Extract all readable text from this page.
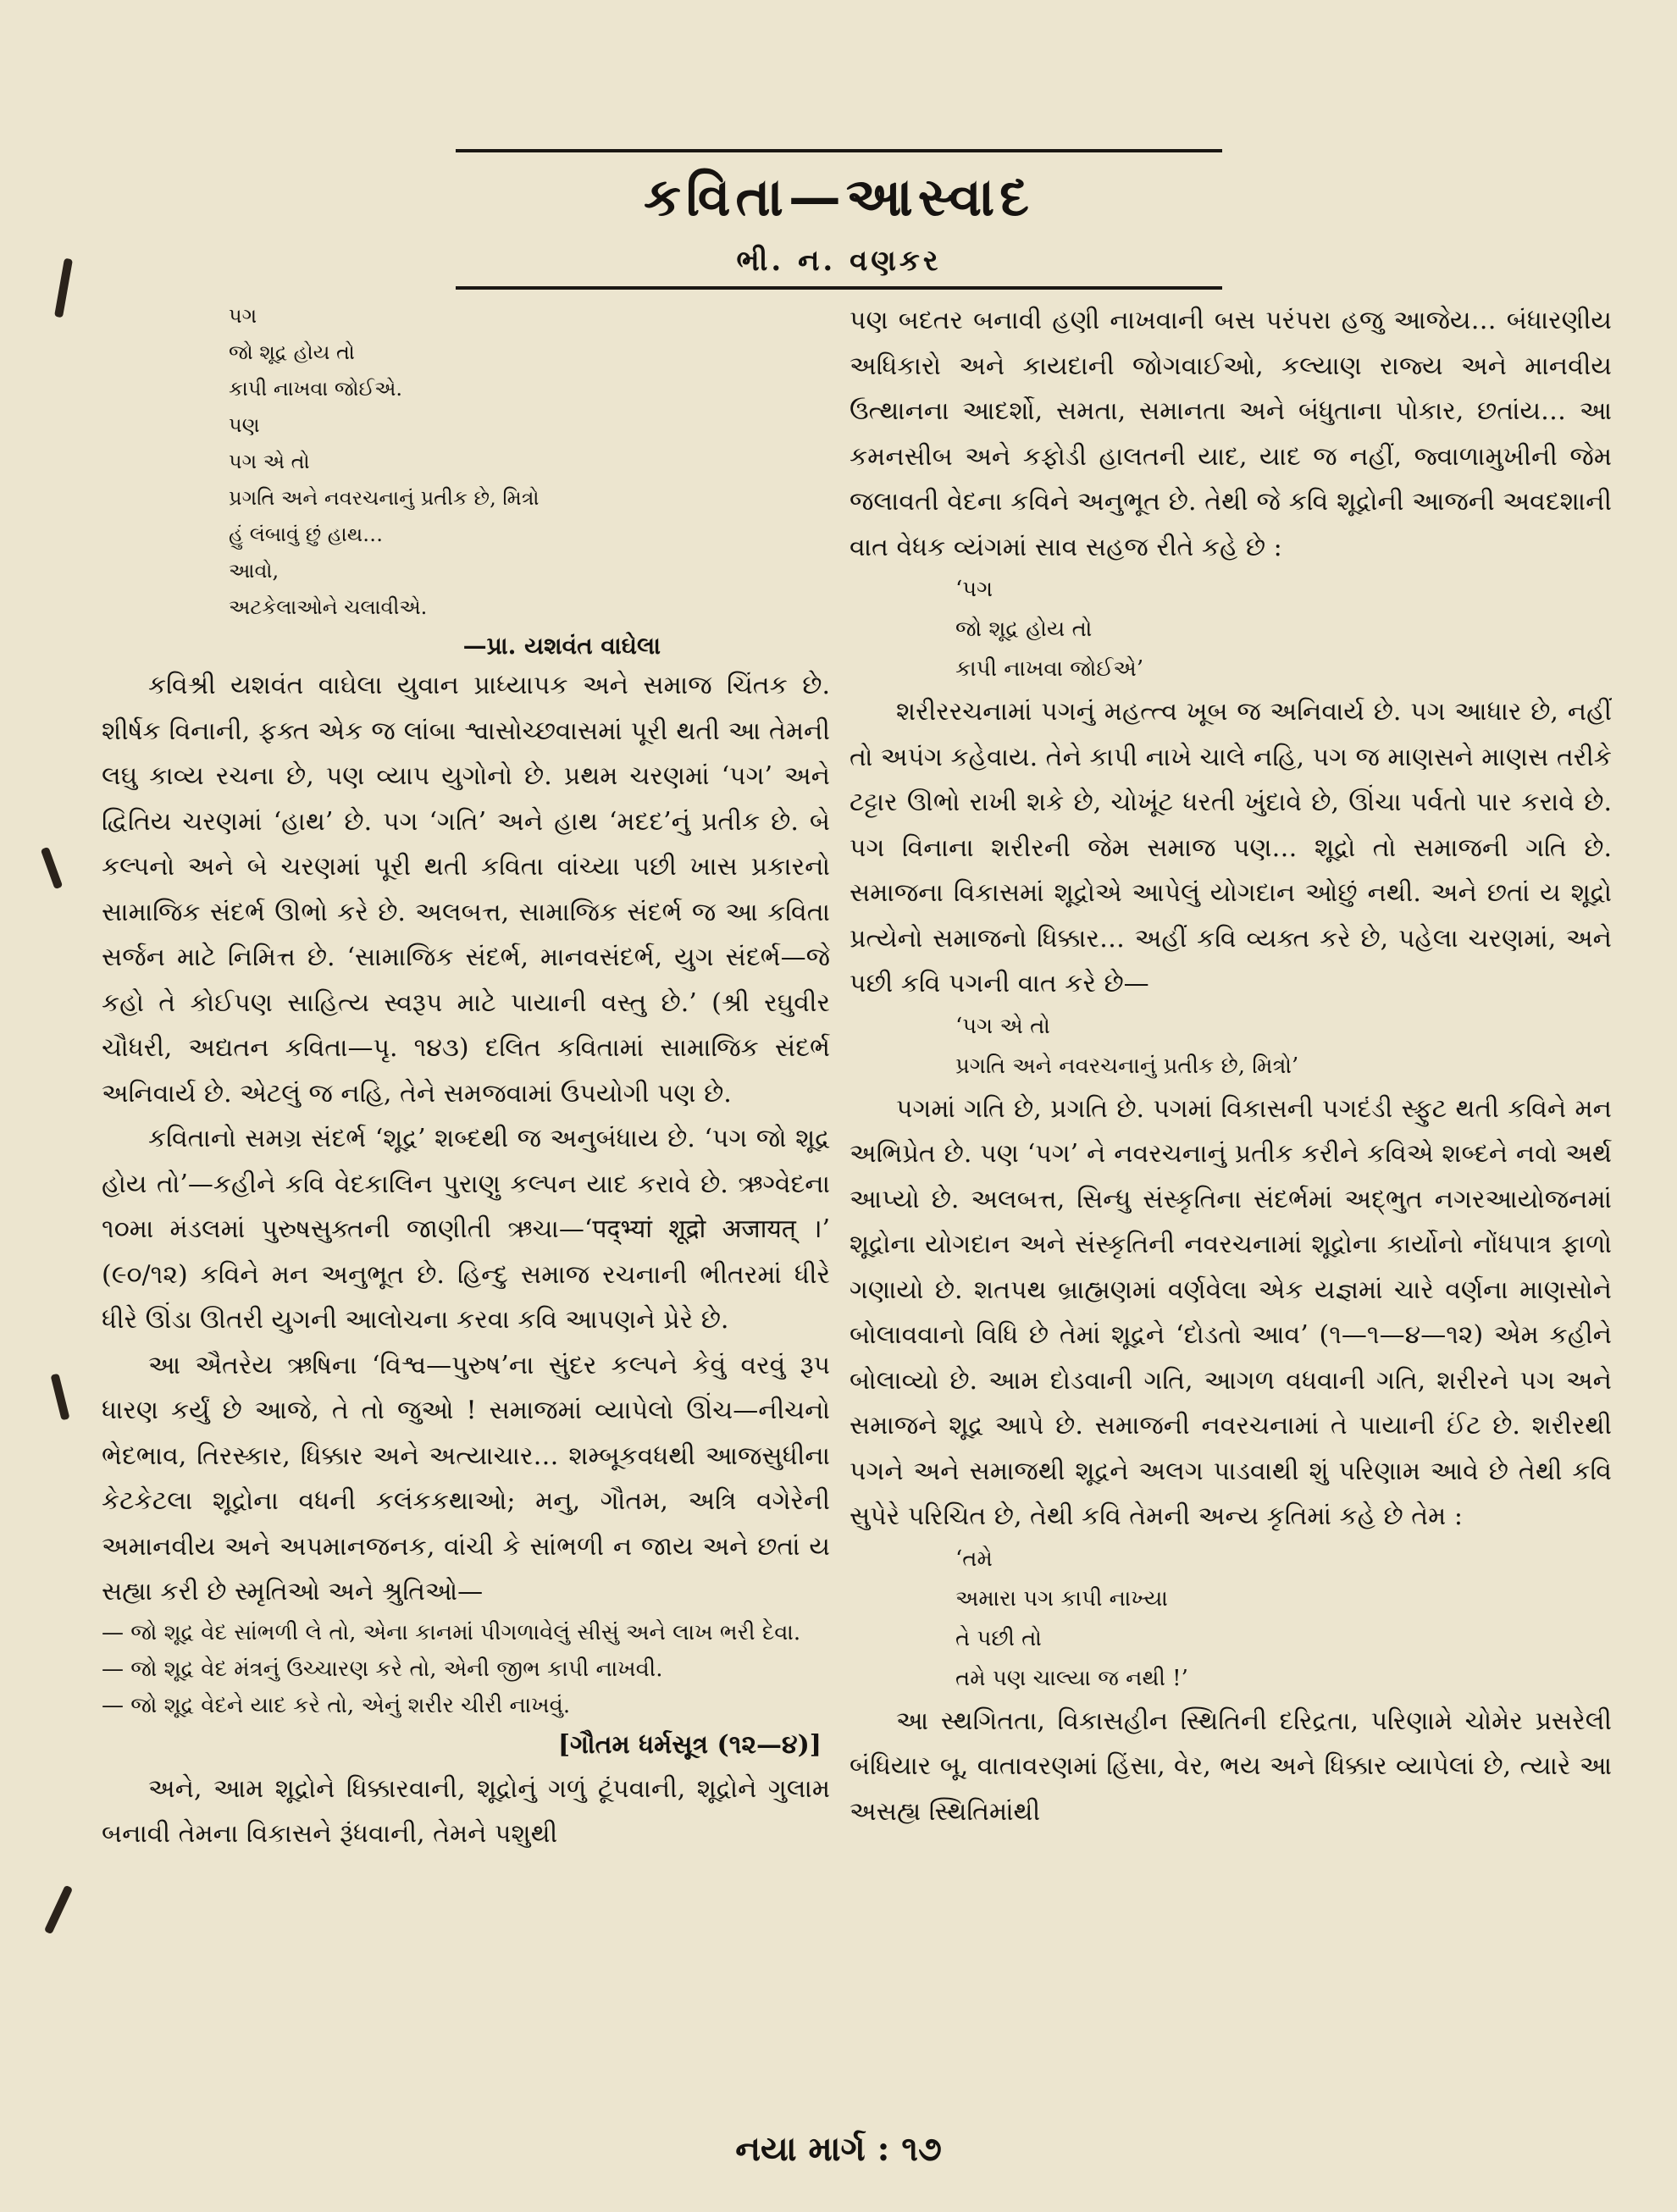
કવિતા—આસ્વાદ
ભી. ન. વણકર
પગ
જો શૂદ્ર હોય તો
કાપી નાખવા જોઈએ.
પણ
પગ એ તો
પ્રગતિ અને નવરચનાનું પ્રતીક છે, મિત્રો
હું લંબાવું છું હાથ…
આવો,
અટકેલાઓને ચલાવીએ.
—પ્રા. યશવંત વાઘેલા

કવિશ્રી યશવંત વાઘેલા યુવાન પ્રાધ્યાપક અને સમાજ ચિંતક છે. શીર્ષક વિનાની, ફક્ત એક જ લાંબા શ્વાસોચ્છવાસમાં પૂરી થતી આ તેમની લઘુ કાવ્ય રચના છે, પણ વ્યાપ યુગોનો છે. પ્રથમ ચરણમાં ‘પગ’ અને દ્વિતિય ચરણમાં ‘હાથ’ છે. પગ ‘ગતિ’ અને હાથ ‘મદદ’નું પ્રતીક છે. બે કલ્પનો અને બે ચરણમાં પૂરી થતી કવિતા વાંચ્યા પછી ખાસ પ્રકારનો સામાજિક સંદર્ભ ઊભો કરે છે. અલબત્ત, સામાજિક સંદર્ભ જ આ કવિતા સર્જન માટે નિમિત્ત છે. ‘સામાજિક સંદર્ભ, માનવસંદર્ભ, યુગ સંદર્ભ—જે કહો તે કોઈપણ સાહિત્ય સ્વરૂપ માટે પાયાની વસ્તુ છે.’ (શ્રી રઘુવીર ચૌધરી, અદ્યતન કવિતા—પૃ. ૧૪૩) દલિત કવિતામાં સામાજિક સંદર્ભ અનિવાર્ય છે. એટલું જ નહિ, તેને સમજવામાં ઉપયોગી પણ છે.

કવિતાનો સમગ્ર સંદર્ભ ‘શૂદ્ર’ શબ્દથી જ અનુબંધાય છે. ‘પગ જો શૂદ્ર હોય તો’—કહીને કવિ વેદકાલિન પુરાણુ કલ્પન યાદ કરાવે છે. ઋગ્વેદના ૧૦મા મંડલમાં પુરુષસુક્તની જાણીતી ઋચા—‘पद्भ्यां शूद्रो अजायत् ।’ (૯૦/૧૨) કવિને મન અનુભૂત છે. હિન્દુ સમાજ રચનાની ભીતરમાં ધીરે ધીરે ઊંડા ઊતરી યુગની આલોચના કરવા કવિ આપણને પ્રેરે છે.

આ ઐતરેય ઋષિના ‘વિશ્વ—પુરુષ’ના સુંદર કલ્પને કેવું વરવું રૂપ ધારણ કર્યું છે આજે, તે તો જુઓ ! સમાજમાં વ્યાપેલો ઊંચ—નીચનો ભેદભાવ, તિરસ્કાર, ધિક્કાર અને અત્યાચાર… શમ્બૂકવધથી આજસુધીના કેટકેટલા શૂદ્રોના વધની કલંકકથાઓ; મનુ, ગૌતમ, અત્રિ વગેરેની અમાનવીય અને અપમાનજનક, વાંચી કે સાંભળી ન જાય અને છતાં ય સહ્યા કરી છે સ્મૃતિઓ અને શ્રુતિઓ—

— જો શૂદ્ર વેદ સાંભળી લે તો, એના કાનમાં પીગળાવેલું સીસું અને લાખ ભરી દેવા.

— જો શૂદ્ર વેદ મંત્રનું ઉચ્ચારણ કરે તો, એની જીભ કાપી નાખવી.

— જો શૂદ્ર વેદને યાદ કરે તો, એનું શરીર ચીરી નાખવું.

[ગૌતમ ધર્મસૂત્ર (૧૨—૪)]

અને, આમ શૂદ્રોને ધિક્કારવાની, શૂદ્રોનું ગળું ટૂંપવાની, શૂદ્રોને ગુલામ બનાવી તેમના વિકાસને રૂંધવાની, તેમને પશુથી

પણ બદતર બનાવી હણી નાખવાની બસ પરંપરા હજુ આજેય… બંધારણીય અધિકારો અને કાયદાની જોગવાઈઓ, કલ્યાણ રાજ્ય અને માનવીય ઉત્થાનના આદર્શો, સમતા, સમાનતા અને બંધુતાના પોકાર, છતાંય… આ કમનસીબ અને કફોડી હાલતની યાદ, યાદ જ નહીં, જ્વાળામુખીની જેમ જલાવતી વેદના કવિને અનુભૂત છે. તેથી જે કવિ શૂદ્રોની આજની અવદશાની વાત વેધક વ્યંગમાં સાવ સહજ રીતે કહે છે :

‘પગ
જો શૂદ્ર હોય તો
કાપી નાખવા જોઈએ’

શરીરરચનામાં પગનું મહત્ત્વ ખૂબ જ અનિવાર્ય છે. પગ આધાર છે, નહીં તો અપંગ કહેવાય. તેને કાપી નાખે ચાલે નહિ, પગ જ માણસને માણસ તરીકે ટટ્ટાર ઊભો રાખી શકે છે, ચોખૂંટ ધરતી ખુંદાવે છે, ઊંચા પર્વતો પાર કરાવે છે. પગ વિનાના શરીરની જેમ સમાજ પણ… શૂદ્રો તો સમાજની ગતિ છે. સમાજના વિકાસમાં શૂદ્રોએ આપેલું યોગદાન ઓછું નથી. અને છતાં ય શૂદ્રો પ્રત્યેનો સમાજનો ધિક્કાર… અહીં કવિ વ્યક્ત કરે છે, પહેલા ચરણમાં, અને પછી કવિ પગની વાત કરે છે—

‘પગ એ તો
પ્રગતિ અને નવરચનાનું પ્રતીક છે, મિત્રો’

પગમાં ગતિ છે, પ્રગતિ છે. પગમાં વિકાસની પગદંડી સ્ફુટ થતી કવિને મન અભિપ્રેત છે. પણ ‘પગ’ ને નવરચનાનું પ્રતીક કરીને કવિએ શબ્દને નવો અર્થ આપ્યો છે. અલબત્ત, સિન્ધુ સંસ્કૃતિના સંદર્ભમાં અદ્ભુત નગરઆયોજનમાં શૂદ્રોના યોગદાન અને સંસ્કૃતિની નવરચનામાં શૂદ્રોના કાર્યોનો નોંધપાત્ર ફાળો ગણાયો છે. શતપથ બ્રાહ્મણમાં વર્ણવેલા એક યજ્ઞમાં ચારે વર્ણના માણસોને બોલાવવાનો વિધિ છે તેમાં શૂદ્રને ‘દોડતો આવ’ (૧—૧—૪—૧૨) એમ કહીને બોલાવ્યો છે. આમ દોડવાની ગતિ, આગળ વધવાની ગતિ, શરીરને પગ અને સમાજને શૂદ્ર આપે છે. સમાજની નવરચનામાં તે પાયાની ઈંટ છે. શરીરથી પગને અને સમાજથી શૂદ્રને અલગ પાડવાથી શું પરિણામ આવે છે તેથી કવિ સુપેરે પરિચિત છે, તેથી કવિ તેમની અન્ય કૃતિમાં કહે છે તેમ :

‘તમે
અમારા પગ કાપી નાખ્યા
તે પછી તો
તમે પણ ચાલ્યા જ નથી !’

આ સ્થગિતતા, વિકાસહીન સ્થિતિની દરિદ્રતા, પરિણામે ચોમેર પ્રસરેલી બંધિયાર બૂ, વાતાવરણમાં હિંસા, વેર, ભય અને ધિક્કાર વ્યાપેલાં છે, ત્યારે આ અસહ્ય સ્થિતિમાંથી

નયા માર્ગ : ૧૭
